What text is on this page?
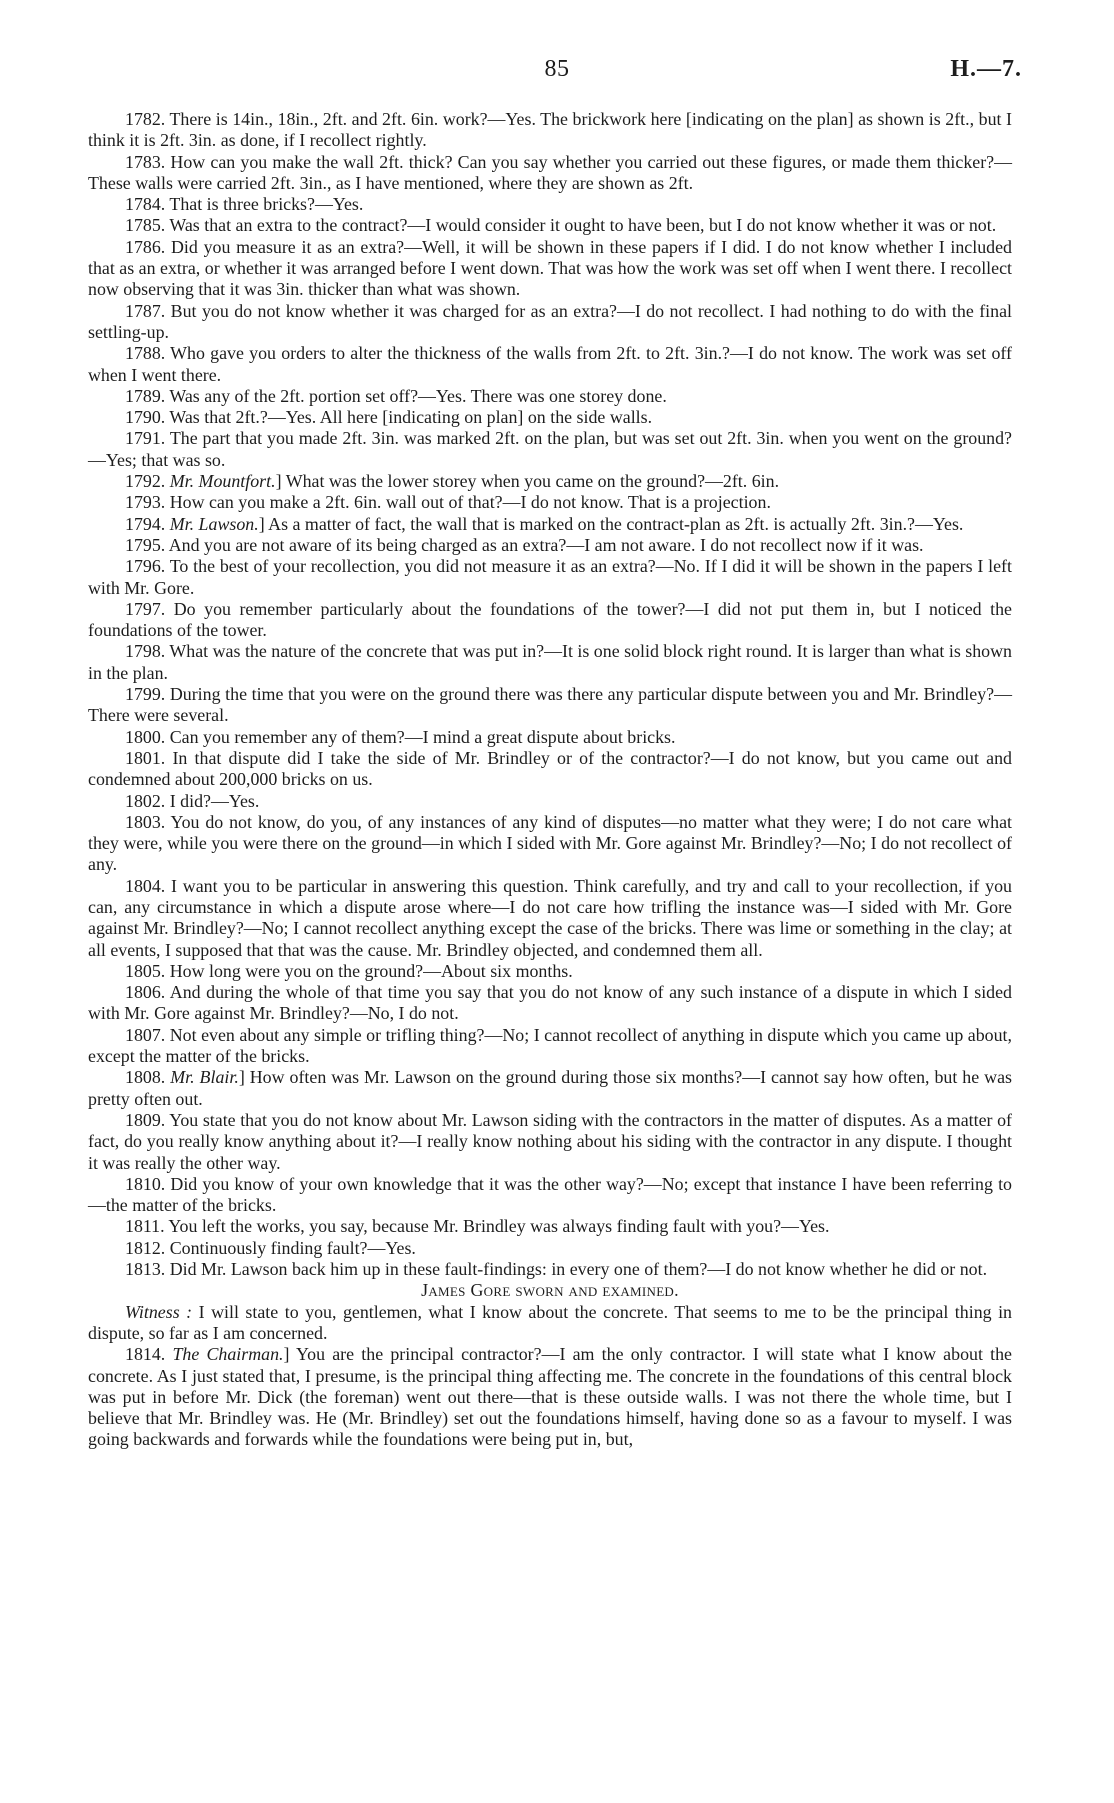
85	H.—7.

1782. There is 14in., 18in., 2ft. and 2ft. 6in. work?—Yes. The brickwork here [indicating on the plan] as shown is 2ft., but I think it is 2ft. 3in. as done, if I recollect rightly.

1783. How can you make the wall 2ft. thick? Can you say whether you carried out these figures, or made them thicker?—These walls were carried 2ft. 3in., as I have mentioned, where they are shown as 2ft.

1784. That is three bricks?—Yes.

1785. Was that an extra to the contract?—I would consider it ought to have been, but I do not know whether it was or not.

1786. Did you measure it as an extra?—Well, it will be shown in these papers if I did. I do not know whether I included that as an extra, or whether it was arranged before I went down. That was how the work was set off when I went there. I recollect now observing that it was 3in. thicker than what was shown.

1787. But you do not know whether it was charged for as an extra?—I do not recollect. I had nothing to do with the final settling-up.

1788. Who gave you orders to alter the thickness of the walls from 2ft. to 2ft. 3in.?—I do not know. The work was set off when I went there.

1789. Was any of the 2ft. portion set off?—Yes. There was one storey done.

1790. Was that 2ft.?—Yes. All here [indicating on plan] on the side walls.

1791. The part that you made 2ft. 3in. was marked 2ft. on the plan, but was set out 2ft. 3in. when you went on the ground?—Yes; that was so.

1792. Mr. Mountfort.] What was the lower storey when you came on the ground?—2ft. 6in.

1793. How can you make a 2ft. 6in. wall out of that?—I do not know. That is a projection.

1794. Mr. Lawson.] As a matter of fact, the wall that is marked on the contract-plan as 2ft. is actually 2ft. 3in.?—Yes.

1795. And you are not aware of its being charged as an extra?—I am not aware. I do not recollect now if it was.

1796. To the best of your recollection, you did not measure it as an extra?—No. If I did it will be shown in the papers I left with Mr. Gore.

1797. Do you remember particularly about the foundations of the tower?—I did not put them in, but I noticed the foundations of the tower.

1798. What was the nature of the concrete that was put in?—It is one solid block right round. It is larger than what is shown in the plan.

1799. During the time that you were on the ground there was there any particular dispute between you and Mr. Brindley?—There were several.

1800. Can you remember any of them?—I mind a great dispute about bricks.

1801. In that dispute did I take the side of Mr. Brindley or of the contractor?—I do not know, but you came out and condemned about 200,000 bricks on us.

1802. I did?—Yes.

1803. You do not know, do you, of any instances of any kind of disputes—no matter what they were; I do not care what they were, while you were there on the ground—in which I sided with Mr. Gore against Mr. Brindley?—No; I do not recollect of any.

1804. I want you to be particular in answering this question. Think carefully, and try and call to your recollection, if you can, any circumstance in which a dispute arose where—I do not care how trifling the instance was—I sided with Mr. Gore against Mr. Brindley?—No; I cannot recollect anything except the case of the bricks. There was lime or something in the clay; at all events, I supposed that that was the cause. Mr. Brindley objected, and condemned them all.

1805. How long were you on the ground?—About six months.

1806. And during the whole of that time you say that you do not know of any such instance of a dispute in which I sided with Mr. Gore against Mr. Brindley?—No, I do not.

1807. Not even about any simple or trifling thing?—No; I cannot recollect of anything in dispute which you came up about, except the matter of the bricks.

1808. Mr. Blair.] How often was Mr. Lawson on the ground during those six months?—I cannot say how often, but he was pretty often out.

1809. You state that you do not know about Mr. Lawson siding with the contractors in the matter of disputes. As a matter of fact, do you really know anything about it?—I really know nothing about his siding with the contractor in any dispute. I thought it was really the other way.

1810. Did you know of your own knowledge that it was the other way?—No; except that instance I have been referring to—the matter of the bricks.

1811. You left the works, you say, because Mr. Brindley was always finding fault with you?—Yes.

1812. Continuously finding fault?—Yes.

1813. Did Mr. Lawson back him up in these fault-findings: in every one of them?—I do not know whether he did or not.

James Gore sworn and examined.

Witness : I will state to you, gentlemen, what I know about the concrete. That seems to me to be the principal thing in dispute, so far as I am concerned.

1814. The Chairman.] You are the principal contractor?—I am the only contractor. I will state what I know about the concrete. As I just stated that, I presume, is the principal thing affecting me. The concrete in the foundations of this central block was put in before Mr. Dick (the foreman) went out there—that is these outside walls. I was not there the whole time, but I believe that Mr. Brindley was. He (Mr. Brindley) set out the foundations himself, having done so as a favour to myself. I was going backwards and forwards while the foundations were being put in, but,
